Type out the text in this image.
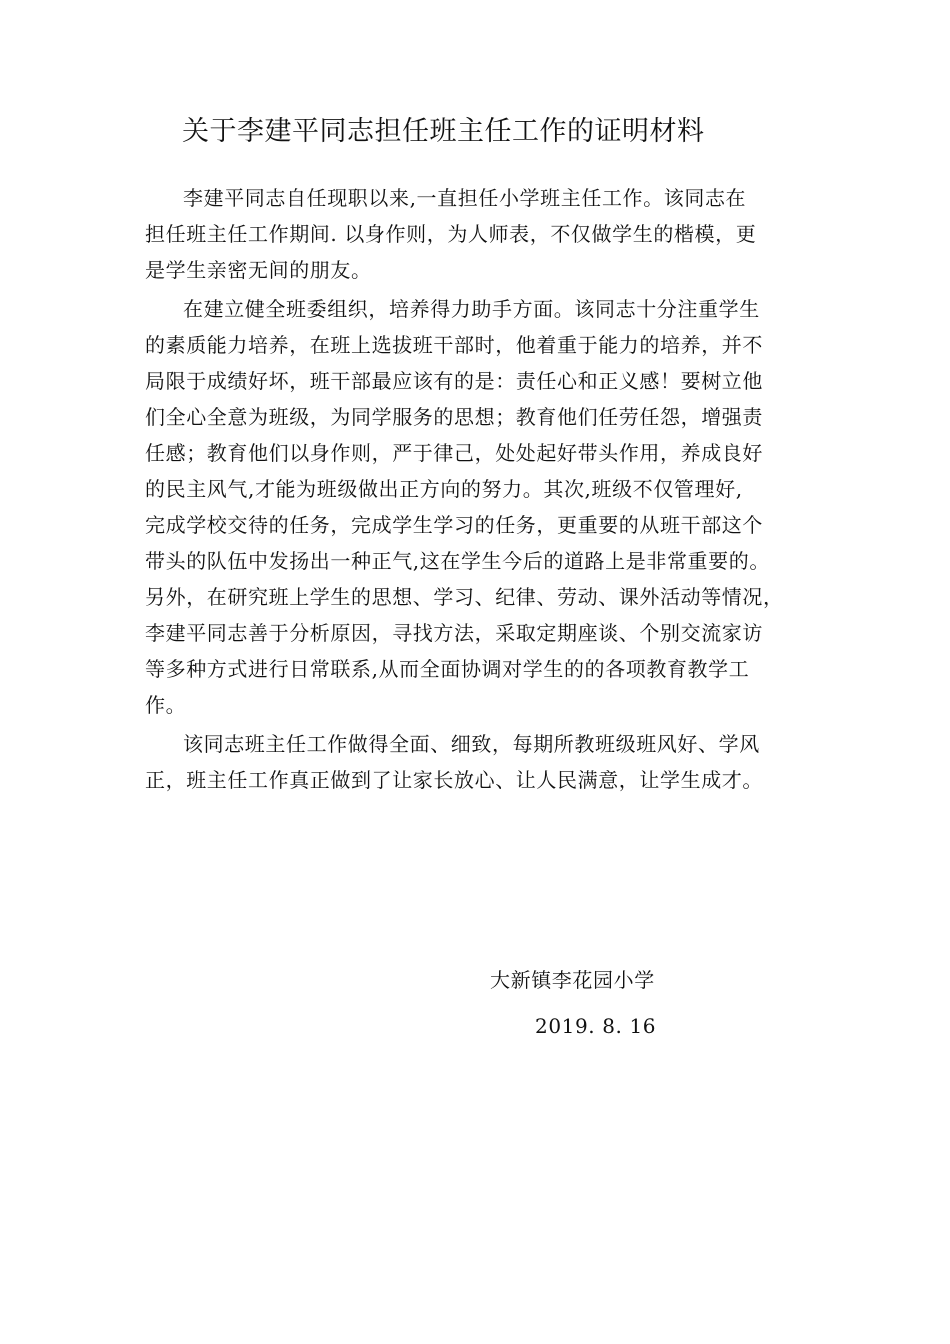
关于李建平同志担任班主任工作的证明材料
李建平同志自任现职以来,一直担任小学班主任工作。该同志在
担任班主任工作期间. 以身作则，为人师表，不仅做学生的楷模，更
是学生亲密无间的朋友。
在建立健全班委组织，培养得力助手方面。该同志十分注重学生
的素质能力培养，在班上选拔班干部时，他着重于能力的培养，并不
局限于成绩好坏，班干部最应该有的是：责任心和正义感！要树立他
们全心全意为班级，为同学服务的思想；教育他们任劳任怨，增强责
任感；教育他们以身作则，严于律己，处处起好带头作用，养成良好
的民主风气,才能为班级做出正方向的努力。其次,班级不仅管理好,
完成学校交待的任务，完成学生学习的任务，更重要的从班干部这个
带头的队伍中发扬出一种正气,这在学生今后的道路上是非常重要的。
另外，在研究班上学生的思想、学习、纪律、劳动、课外活动等情况，
李建平同志善于分析原因，寻找方法，采取定期座谈、个别交流家访
等多种方式进行日常联系,从而全面协调对学生的的各项教育教学工
作。
该同志班主任工作做得全面、细致，每期所教班级班风好、学风
正，班主任工作真正做到了让家长放心、让人民满意，让学生成才。
大新镇李花园小学
2019. 8. 16
